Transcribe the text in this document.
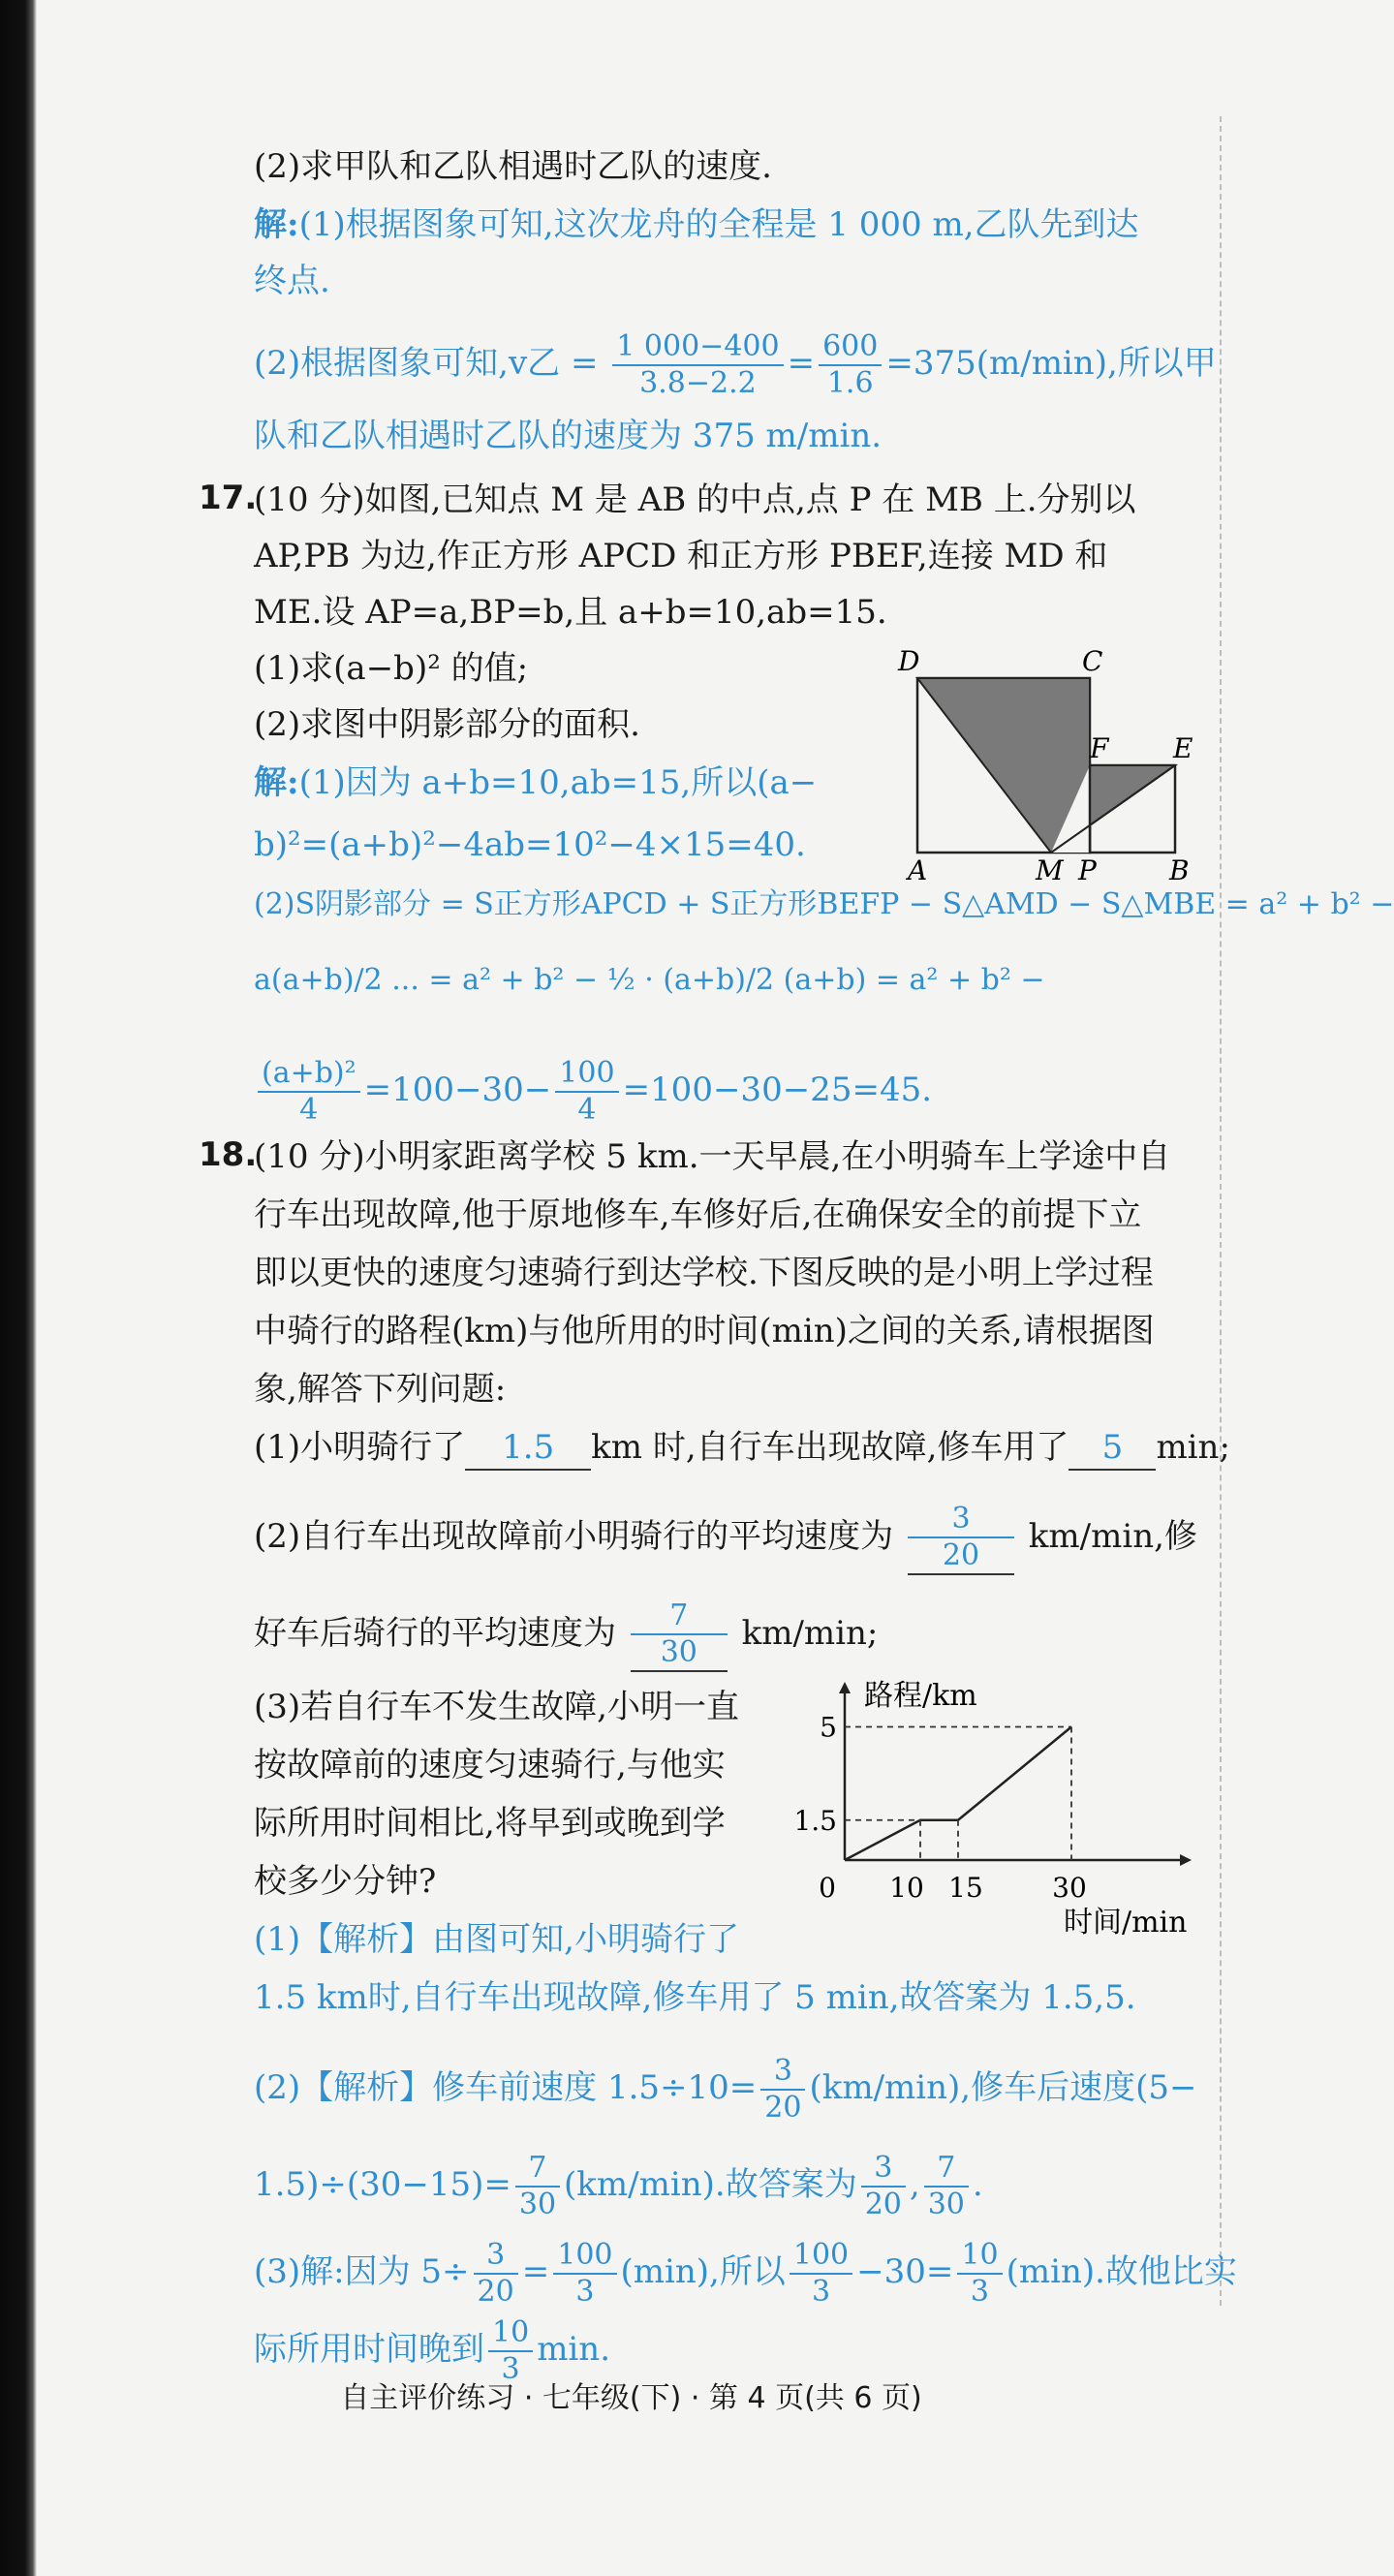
(2)求甲队和乙队相遇时乙队的速度.
解:(1)根据图象可知,这次龙舟的全程是 1 000 m,乙队先到达
终点.
(2)根据图象可知,v乙 = $\frac{1 000-400}{3.8-2.2} = \frac{600}{1.6} =375(m/\min)$,所以甲
队和乙队相遇时乙队的速度为 375 m/min.
17.
(10 分)如图,已知点 M 是 AB 的中点,点 P 在 MB 上.分别以
AP,PB 为边,作正方形 APCD 和正方形 PBEF,连接 MD 和
ME.设 AP=a,BP=b,且 a+b=10,ab=15.
(1)求(a−b)² 的值;
(2)求图中阴影部分的面积.
解:(1)因为 a+b=10,ab=15,所以(a−
b)²=(a+b)²−4ab=10²−4×15=40.
(2)S阴影部分 = S正方形APCD + S正方形BEFP − S△AMD − S△MBE = a² + b² −
a(a+b)/2 ... = a² + b² − ½ · (a+b)/2 (a+b) = a² + b² −
$\frac{\text{(a+b)²}}{4} =100-30- \frac{100}{4} =100-30-25=45$.
D	C
F E
A	M P	B
18.
(10 分)小明家距离学校 5 km.一天早晨,在小明骑车上学途中自
行车出现故障,他于原地修车,车修好后,在确保安全的前提下立
即以更快的速度匀速骑行到达学校.下图反映的是小明上学过程
中骑行的路程(km)与他所用的时间(min)之间的关系,请根据图
象,解答下列问题:
(1)小明骑行了 1.5 km 时,自行车出现故障,修车用了 5 min;
(2)自行车出现故障前小明骑行的平均速度为 $\frac{3}{20} km/\min$,修
好车后骑行的平均速度为 $\frac{7}{30} km/\min$;
(3)若自行车不发生故障,小明一直
按故障前的速度匀速骑行,与他实
际所用时间相比,将早到或晚到学
校多少分钟?
路程/km
时间/min
1.5
5
0 10 15	30
(1)【解析】由图可知,小明骑行了
1.5 km时,自行车出现故障,修车用了 5 min,故答案为 1.5,5.
(2)【解析】修车前速度 $1.5\div 10= \frac{3}{20} (km/\min)$,修车后速度(5−
$1.5)\div(30-15)= \frac{7}{30} (km/\min)$.故答案为 $\frac{3}{20}$ , $\frac{7}{30}$ .
(3)解:因为 $5\div \frac{3}{20} = \frac{100}{3} (\min)$,所以 $\frac{100}{3} -30= \frac{10}{3} (\min)$.故他比实
际所用时间晚到 $\frac{10}{3} \min$.
自主评价练习 · 七年级(下) · 第 4 页(共 6 页)
